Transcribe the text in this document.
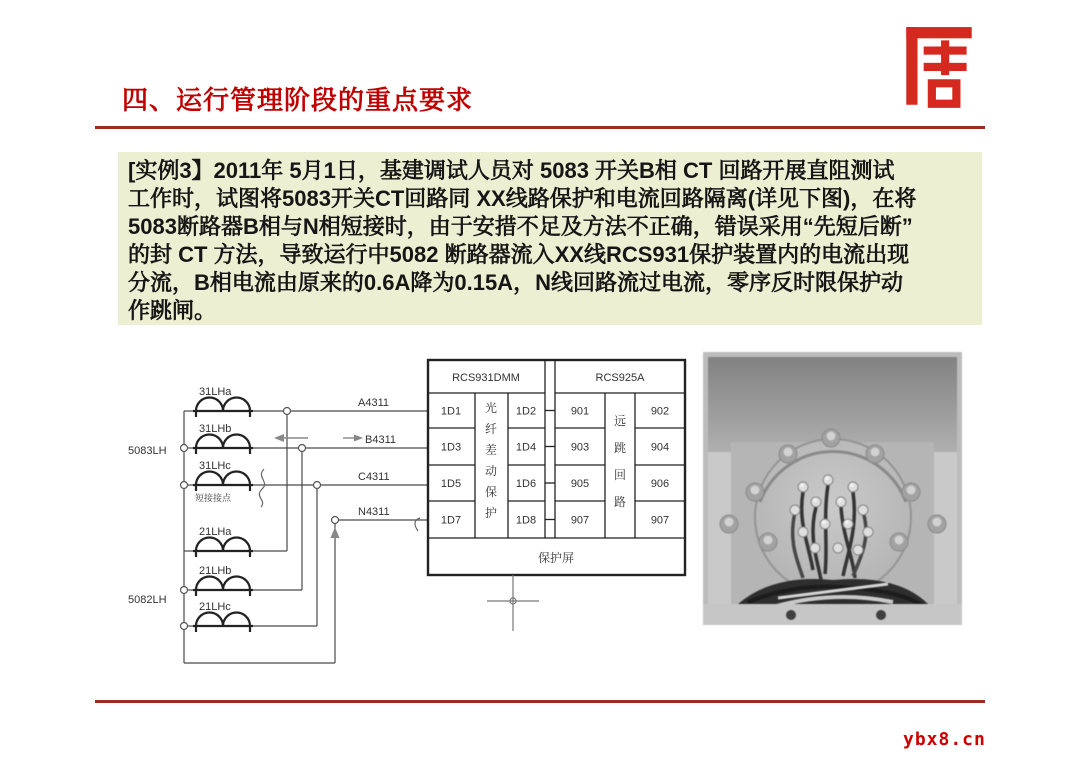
四、运行管理阶段的重点要求
[实例3】2011年 5月1日，基建调试人员对 5083 开关B相 CT 回路开展直阻测试
工作时，试图将5083开关CT回路同 XX线路保护和电流回路隔离(详见下图)，在将
5083断路器B相与N相短接时，由于安措不足及方法不正确，错误采用“先短后断”
的封 CT 方法，导致运行中5082 断路器流入XX线RCS931保护装置内的电流出现
分流，B相电流由原来的0.6A降为0.15A，N线回路流过电流，零序反时限保护动
作跳闸。
31LHa
31LHb
31LHc
21LHa
21LHb
21LHc
5083LH
5082LH
短接接点
A4311
B4311
C4311
N4311
RCS931DMM	RCS925A
1D1
1D3
1D5
1D7
1D2
1D4
1D6
1D8
901
903
905
907
902
904
906
907
光纤差动保护
远跳回路
保护屏
ybx8.cn
